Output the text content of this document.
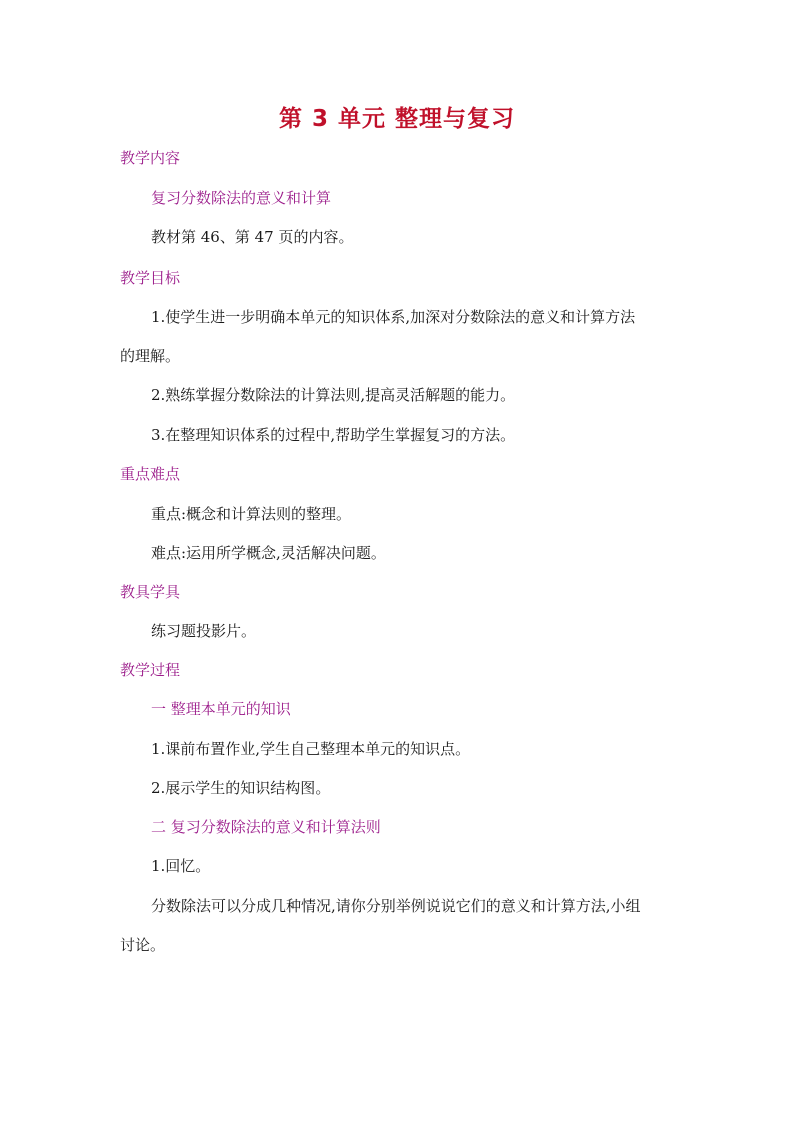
第 3 单元 整理与复习

教学内容

复习分数除法的意义和计算

教材第 46、第 47 页的内容。

教学目标

1.使学生进一步明确本单元的知识体系,加深对分数除法的意义和计算方法

的理解。

2.熟练掌握分数除法的计算法则,提高灵活解题的能力。

3.在整理知识体系的过程中,帮助学生掌握复习的方法。

重点难点

重点:概念和计算法则的整理。

难点:运用所学概念,灵活解决问题。

教具学具

练习题投影片。

教学过程

一 整理本单元的知识

1.课前布置作业,学生自己整理本单元的知识点。

2.展示学生的知识结构图。

二 复习分数除法的意义和计算法则

1.回忆。

分数除法可以分成几种情况,请你分别举例说说它们的意义和计算方法,小组

讨论。
